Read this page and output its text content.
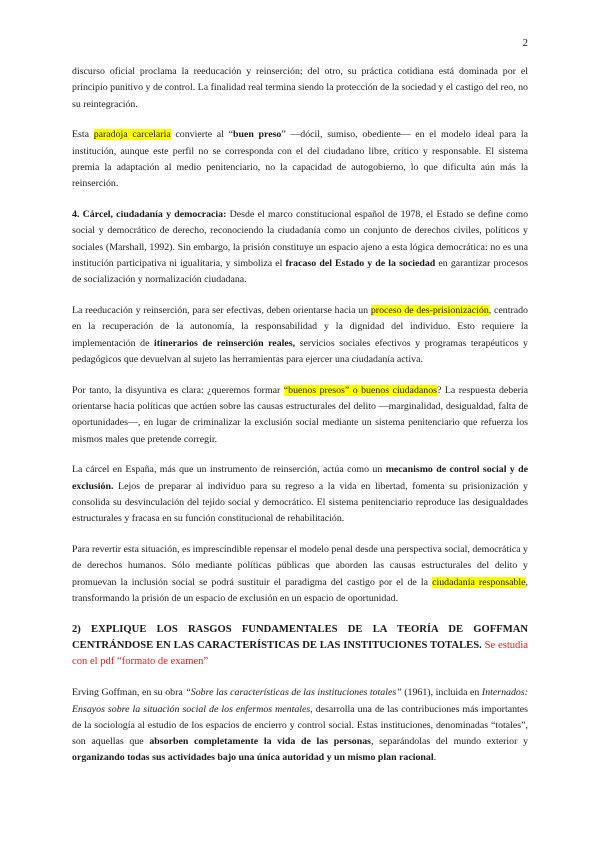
2

discurso oficial proclama la reeducación y reinserción; del otro, su práctica cotidiana está dominada por el principio punitivo y de control. La finalidad real termina siendo la protección de la sociedad y el castigo del reo, no su reintegración.

Esta paradoja carcelaria convierte al “buen preso” —dócil, sumiso, obediente— en el modelo ideal para la institución, aunque este perfil no se corresponda con el del ciudadano libre, crítico y responsable. El sistema premia la adaptación al medio penitenciario, no la capacidad de autogobierno, lo que dificulta aún más la reinserción.

4. Cárcel, ciudadanía y democracia: Desde el marco constitucional español de 1978, el Estado se define como social y democrático de derecho, reconociendo la ciudadanía como un conjunto de derechos civiles, políticos y sociales (Marshall, 1992). Sin embargo, la prisión constituye un espacio ajeno a esta lógica democrática: no es una institución participativa ni igualitaria, y simboliza el fracaso del Estado y de la sociedad en garantizar procesos de socialización y normalización ciudadana.

La reeducación y reinserción, para ser efectivas, deben orientarse hacia un proceso de des-prisionización, centrado en la recuperación de la autonomía, la responsabilidad y la dignidad del individuo. Esto requiere la implementación de itinerarios de reinserción reales, servicios sociales efectivos y programas terapéuticos y pedagógicos que devuelvan al sujeto las herramientas para ejercer una ciudadanía activa.

Por tanto, la disyuntiva es clara: ¿queremos formar “buenos presos” o buenos ciudadanos? La respuesta debería orientarse hacia políticas que actúen sobre las causas estructurales del delito —marginalidad, desigualdad, falta de oportunidades—, en lugar de criminalizar la exclusión social mediante un sistema penitenciario que refuerza los mismos males que pretende corregir.

La cárcel en España, más que un instrumento de reinserción, actúa como un mecanismo de control social y de exclusión. Lejos de preparar al individuo para su regreso a la vida en libertad, fomenta su prisionización y consolida su desvinculación del tejido social y democrático. El sistema penitenciario reproduce las desigualdades estructurales y fracasa en su función constitucional de rehabilitación.

Para revertir esta situación, es imprescindible repensar el modelo penal desde una perspectiva social, democrática y de derechos humanos. Sólo mediante políticas públicas que aborden las causas estructurales del delito y promuevan la inclusión social se podrá sustituir el paradigma del castigo por el de la ciudadanía responsable, transformando la prisión de un espacio de exclusión en un espacio de oportunidad.

2) EXPLIQUE LOS RASGOS FUNDAMENTALES DE LA TEORÍA DE GOFFMAN CENTRÁNDOSE EN LAS CARACTERÍSTICAS DE LAS INSTITUCIONES TOTALES. Se estudia con el pdf “formato de examen”

Erving Goffman, en su obra “Sobre las características de las instituciones totales” (1961), incluida en Internados: Ensayos sobre la situación social de los enfermos mentales, desarrolla una de las contribuciones más importantes de la sociología al estudio de los espacios de encierro y control social. Estas instituciones, denominadas “totales”, son aquellas que absorben completamente la vida de las personas, separándolas del mundo exterior y organizando todas sus actividades bajo una única autoridad y un mismo plan racional.
